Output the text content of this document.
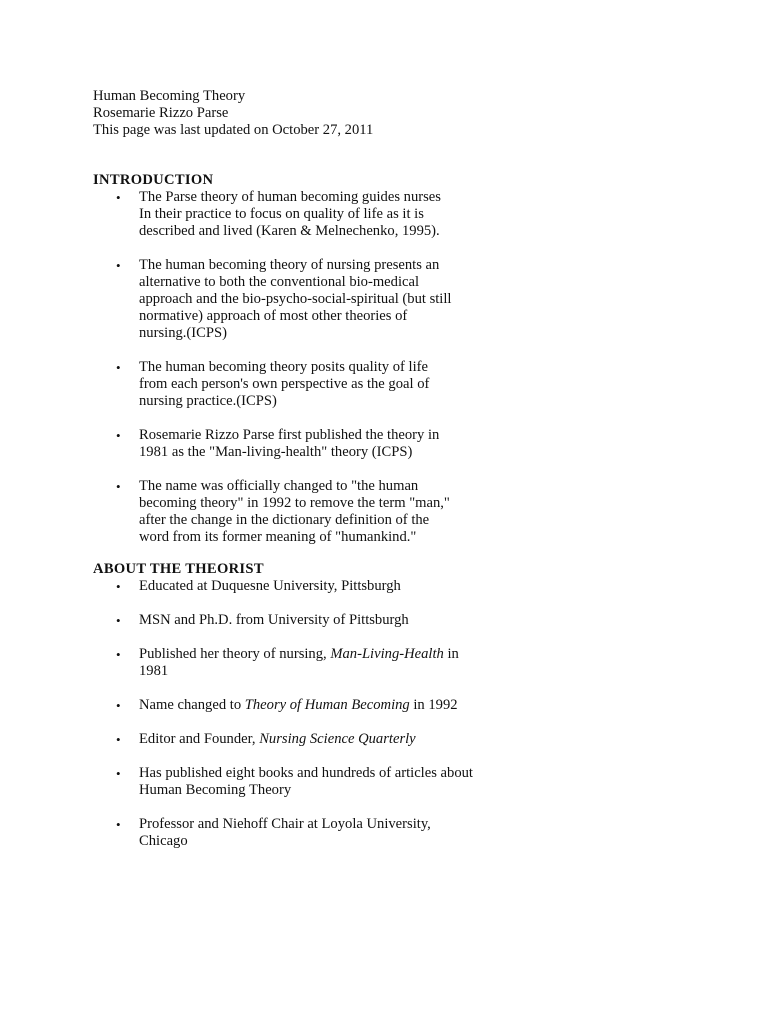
Human Becoming Theory
Rosemarie Rizzo Parse
This page was last updated on October 27, 2011
INTRODUCTION
• The Parse theory of human becoming guides nurses
In their practice to focus on quality of life as it is
described and lived (Karen & Melnechenko, 1995).
• The human becoming theory of nursing presents an
alternative to both the conventional bio-medical
approach and the bio-psycho-social-spiritual (but still
normative) approach of most other theories of
nursing.(ICPS)
• The human becoming theory posits quality of life
from each person's own perspective as the goal of
nursing practice.(ICPS)
• Rosemarie Rizzo Parse first published the theory in
1981 as the "Man-living-health" theory (ICPS)
• The name was officially changed to "the human
becoming theory" in 1992 to remove the term "man,"
after the change in the dictionary definition of the
word from its former meaning of "humankind."
ABOUT THE THEORIST
• Educated at Duquesne University, Pittsburgh
• MSN and Ph.D. from University of Pittsburgh
• Published her theory of nursing, Man-Living-Health in 1981
• Name changed to Theory of Human Becoming in 1992
• Editor and Founder, Nursing Science Quarterly
• Has published eight books and hundreds of articles about Human Becoming Theory
• Professor and Niehoff Chair at Loyola University, Chicago
